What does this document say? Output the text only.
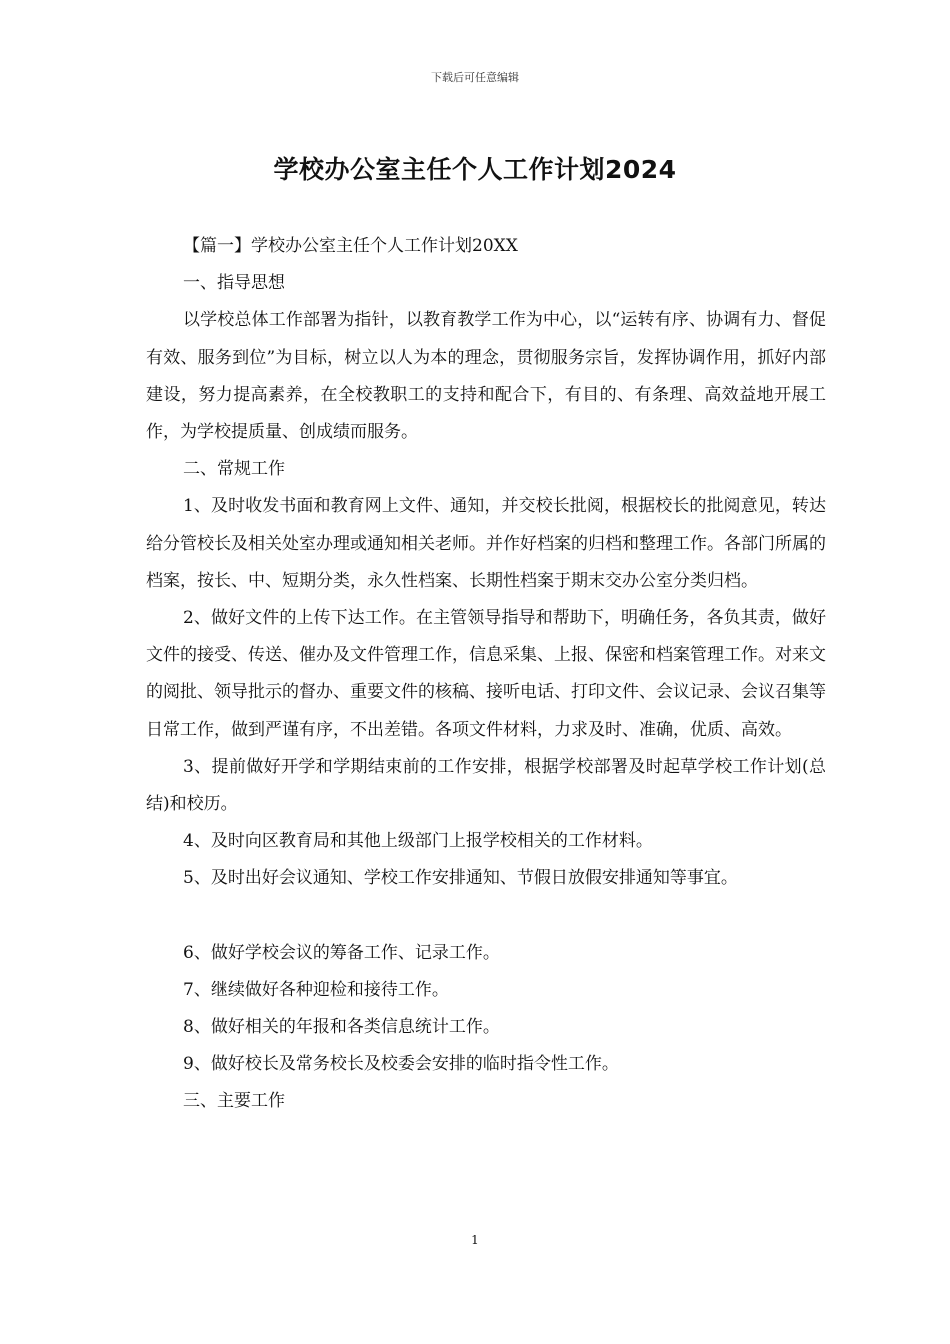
下载后可任意编辑
学校办公室主任个人工作计划2024

【篇一】学校办公室主任个人工作计划20XX

一、指导思想

以学校总体工作部署为指针，以教育教学工作为中心，以“运转有序、协调有力、督促有效、服务到位”为目标，树立以人为本的理念，贯彻服务宗旨，发挥协调作用，抓好内部建设，努力提高素养，在全校教职工的支持和配合下，有目的、有条理、高效益地开展工作，为学校提质量、创成绩而服务。

二、常规工作

1、及时收发书面和教育网上文件、通知，并交校长批阅，根据校长的批阅意见，转达给分管校长及相关处室办理或通知相关老师。并作好档案的归档和整理工作。各部门所属的档案，按长、中、短期分类，永久性档案、长期性档案于期末交办公室分类归档。

2、做好文件的上传下达工作。在主管领导指导和帮助下，明确任务，各负其责，做好文件的接受、传送、催办及文件管理工作，信息采集、上报、保密和档案管理工作。对来文的阅批、领导批示的督办、重要文件的核稿、接听电话、打印文件、会议记录、会议召集等日常工作，做到严谨有序，不出差错。各项文件材料，力求及时、准确，优质、高效。

3、提前做好开学和学期结束前的工作安排，根据学校部署及时起草学校工作计划(总结)和校历。

4、及时向区教育局和其他上级部门上报学校相关的工作材料。

5、及时出好会议通知、学校工作安排通知、节假日放假安排通知等事宜。

6、做好学校会议的筹备工作、记录工作。

7、继续做好各种迎检和接待工作。

8、做好相关的年报和各类信息统计工作。

9、做好校长及常务校长及校委会安排的临时指令性工作。

三、主要工作

1
